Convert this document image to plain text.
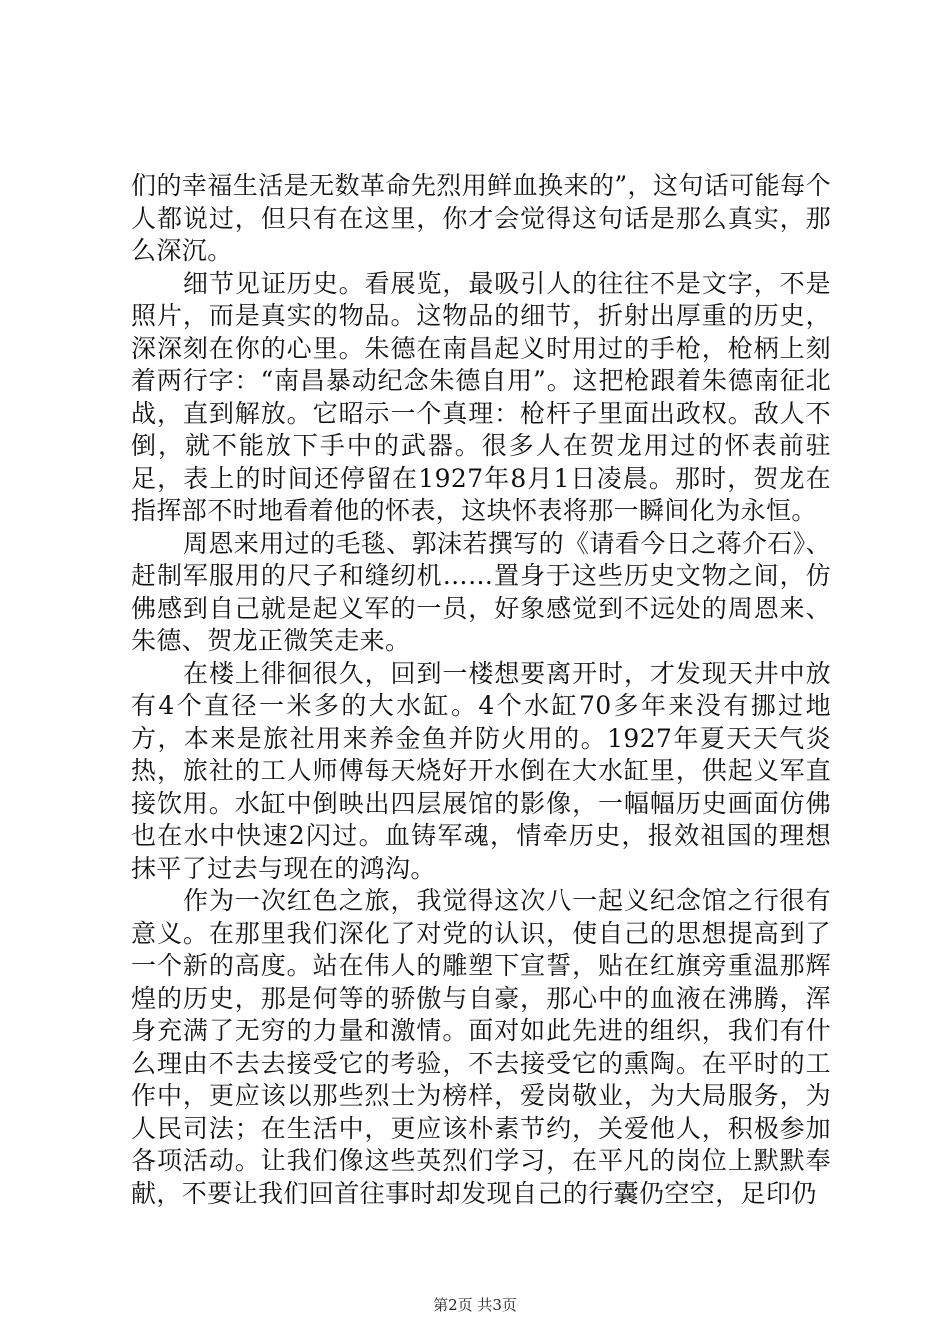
们的幸福生活是无数革命先烈用鲜血换来的”，这句话可能每个人都说过，但只有在这里，你才会觉得这句话是那么真实，那么深沉。

细节见证历史。看展览，最吸引人的往往不是文字，不是照片，而是真实的物品。这物品的细节，折射出厚重的历史，深深刻在你的心里。朱德在南昌起义时用过的手枪，枪柄上刻着两行字：“南昌暴动纪念朱德自用”。这把枪跟着朱德南征北战，直到解放。它昭示一个真理：枪杆子里面出政权。敌人不倒，就不能放下手中的武器。很多人在贺龙用过的怀表前驻足，表上的时间还停留在1927年8月1日凌晨。那时，贺龙在指挥部不时地看着他的怀表，这块怀表将那一瞬间化为永恒。

周恩来用过的毛毯、郭沫若撰写的《请看今日之蒋介石》、赶制军服用的尺子和缝纫机……置身于这些历史文物之间，仿佛感到自己就是起义军的一员，好象感觉到不远处的周恩来、朱德、贺龙正微笑走来。

在楼上徘徊很久，回到一楼想要离开时，才发现天井中放有4个直径一米多的大水缸。4个水缸70多年来没有挪过地方，本来是旅社用来养金鱼并防火用的。1927年夏天天气炎热，旅社的工人师傅每天烧好开水倒在大水缸里，供起义军直接饮用。水缸中倒映出四层展馆的影像，一幅幅历史画面仿佛也在水中快速2闪过。血铸军魂，情牵历史，报效祖国的理想抹平了过去与现在的鸿沟。

作为一次红色之旅，我觉得这次八一起义纪念馆之行很有意义。在那里我们深化了对党的认识，使自己的思想提高到了一个新的高度。站在伟人的雕塑下宣誓，贴在红旗旁重温那辉煌的历史，那是何等的骄傲与自豪，那心中的血液在沸腾，浑身充满了无穷的力量和激情。面对如此先进的组织，我们有什么理由不去去接受它的考验，不去接受它的熏陶。在平时的工作中，更应该以那些烈士为榜样，爱岗敬业，为大局服务，为人民司法；在生活中，更应该朴素节约，关爱他人，积极参加各项活动。让我们像这些英烈们学习，在平凡的岗位上默默奉献，不要让我们回首往事时却发现自己的行囊仍空空，足印仍

第2页 共3页
